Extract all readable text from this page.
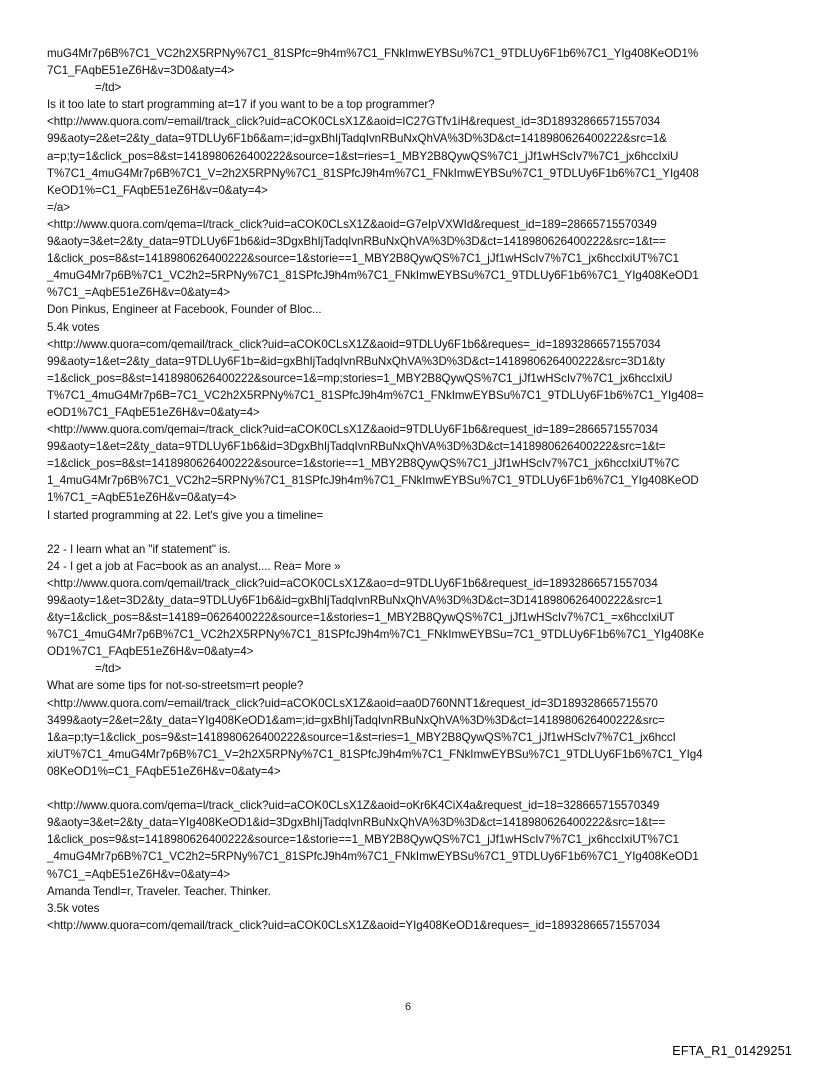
muG4Mr7p6B%7C1_VC2h2X5RPNy%7C1_81SPfc=9h4m%7C1_FNkImwEYBSu%7C1_9TDLUy6F1b6%7C1_YIg408KeOD1%
7C1_FAqbE51eZ6H&v=3D0&aty=4>
=/td>
Is it too late to start programming at=17 if you want to be a top programmer?
<http://www.quora.com/=email/track_click?uid=aCOK0CLsX1Z&aoid=IC27GTfv1iH&request_id=3D18932866571557034
99&aoty=2&et=2&ty_data=9TDLUy6F1b6&am=;id=gxBhIjTadqIvnRBuNxQhVA%3D%3D&ct=1418980626400222&src=1&
a=p;ty=1&click_pos=8&st=1418980626400222&source=1&st=ries=1_MBY2B8QywQS%7C1_jJf1wHScIv7%7C1_jx6hccIxiU
T%7C1_4muG4Mr7p6B%7C1_V=2h2X5RPNy%7C1_81SPfcJ9h4m%7C1_FNkImwEYBSu%7C1_9TDLUy6F1b6%7C1_YIg408
KeOD1%=C1_FAqbE51eZ6H&v=0&aty=4>
=/a>
<http://www.quora.com/qema=l/track_click?uid=aCOK0CLsX1Z&aoid=G7eIpVXWId&request_id=189=28665715570349
9&aoty=3&et=2&ty_data=9TDLUy6F1b6&id=3DgxBhIjTadqIvnRBuNxQhVA%3D%3D&ct=1418980626400222&src=1&t==
1&click_pos=8&st=1418980626400222&source=1&storie==1_MBY2B8QywQS%7C1_jJf1wHScIv7%7C1_jx6hccIxiUT%7C1
_4muG4Mr7p6B%7C1_VC2h2=5RPNy%7C1_81SPfcJ9h4m%7C1_FNkImwEYBSu%7C1_9TDLUy6F1b6%7C1_YIg408KeOD1
%7C1_=AqbE51eZ6H&v=0&aty=4>
Don Pinkus, Engineer at Facebook, Founder of Bloc...
5.4k votes
<http://www.quora=com/qemail/track_click?uid=aCOK0CLsX1Z&aoid=9TDLUy6F1b6&reques=_id=18932866571557034
99&aoty=1&et=2&ty_data=9TDLUy6F1b=&id=gxBhIjTadqIvnRBuNxQhVA%3D%3D&ct=1418980626400222&src=3D1&ty
=1&click_pos=8&st=1418980626400222&source=1&=mp;stories=1_MBY2B8QywQS%7C1_jJf1wHScIv7%7C1_jx6hccIxiU
T%7C1_4muG4Mr7p6B=7C1_VC2h2X5RPNy%7C1_81SPfcJ9h4m%7C1_FNkImwEYBSu%7C1_9TDLUy6F1b6%7C1_YIg408=
eOD1%7C1_FAqbE51eZ6H&v=0&aty=4>
<http://www.quora.com/qemai=/track_click?uid=aCOK0CLsX1Z&aoid=9TDLUy6F1b6&request_id=189=2866571557034
99&aoty=1&et=2&ty_data=9TDLUy6F1b6&id=3DgxBhIjTadqIvnRBuNxQhVA%3D%3D&ct=1418980626400222&src=1&t=
=1&click_pos=8&st=1418980626400222&source=1&storie==1_MBY2B8QywQS%7C1_jJf1wHScIv7%7C1_jx6hccIxiUT%7C
1_4muG4Mr7p6B%7C1_VC2h2=5RPNy%7C1_81SPfcJ9h4m%7C1_FNkImwEYBSu%7C1_9TDLUy6F1b6%7C1_YIg408KeOD
1%7C1_=AqbE51eZ6H&v=0&aty=4>
I started programming at 22. Let's give you a timeline=
22 - I learn what an "if statement" is.
24 - I get a job at Fac=book as an analyst.... Rea= More »
<http://www.quora.com/qemail/track_click?uid=aCOK0CLsX1Z&ao=d=9TDLUy6F1b6&request_id=18932866571557034
99&aoty=1&et=3D2&ty_data=9TDLUy6F1b6&id=gxBhIjTadqIvnRBuNxQhVA%3D%3D&ct=3D1418980626400222&src=1
&ty=1&click_pos=8&st=14189=0626400222&source=1&stories=1_MBY2B8QywQS%7C1_jJf1wHScIv7%7C1_=x6hccIxiUT
%7C1_4muG4Mr7p6B%7C1_VC2h2X5RPNy%7C1_81SPfcJ9h4m%7C1_FNkImwEYBSu=7C1_9TDLUy6F1b6%7C1_YIg408Ke
OD1%7C1_FAqbE51eZ6H&v=0&aty=4>
=/td>
What are some tips for not-so-streetsm=rt people?
<http://www.quora.com/=email/track_click?uid=aCOK0CLsX1Z&aoid=aa0D760NNT1&request_id=3D189328665715570
3499&aoty=2&et=2&ty_data=YIg408KeOD1&am=;id=gxBhIjTadqIvnRBuNxQhVA%3D%3D&ct=1418980626400222&src=
1&a=p;ty=1&click_pos=9&st=1418980626400222&source=1&st=ries=1_MBY2B8QywQS%7C1_jJf1wHScIv7%7C1_jx6hccI
xiUT%7C1_4muG4Mr7p6B%7C1_V=2h2X5RPNy%7C1_81SPfcJ9h4m%7C1_FNkImwEYBSu%7C1_9TDLUy6F1b6%7C1_YIg4
08KeOD1%=C1_FAqbE51eZ6H&v=0&aty=4>
<http://www.quora.com/qema=l/track_click?uid=aCOK0CLsX1Z&aoid=oKr6K4CiX4a&request_id=18=328665715570349
9&aoty=3&et=2&ty_data=YIg408KeOD1&id=3DgxBhIjTadqIvnRBuNxQhVA%3D%3D&ct=1418980626400222&src=1&t==
1&click_pos=9&st=1418980626400222&source=1&storie==1_MBY2B8QywQS%7C1_jJf1wHScIv7%7C1_jx6hccIxiUT%7C1
_4muG4Mr7p6B%7C1_VC2h2=5RPNy%7C1_81SPfcJ9h4m%7C1_FNkImwEYBSu%7C1_9TDLUy6F1b6%7C1_YIg408KeOD1
%7C1_=AqbE51eZ6H&v=0&aty=4>
Amanda Tendl=r, Traveler. Teacher. Thinker.
3.5k votes
<http://www.quora=com/qemail/track_click?uid=aCOK0CLsX1Z&aoid=YIg408KeOD1&reques=_id=18932866571557034
6
EFTA_R1_01429251
